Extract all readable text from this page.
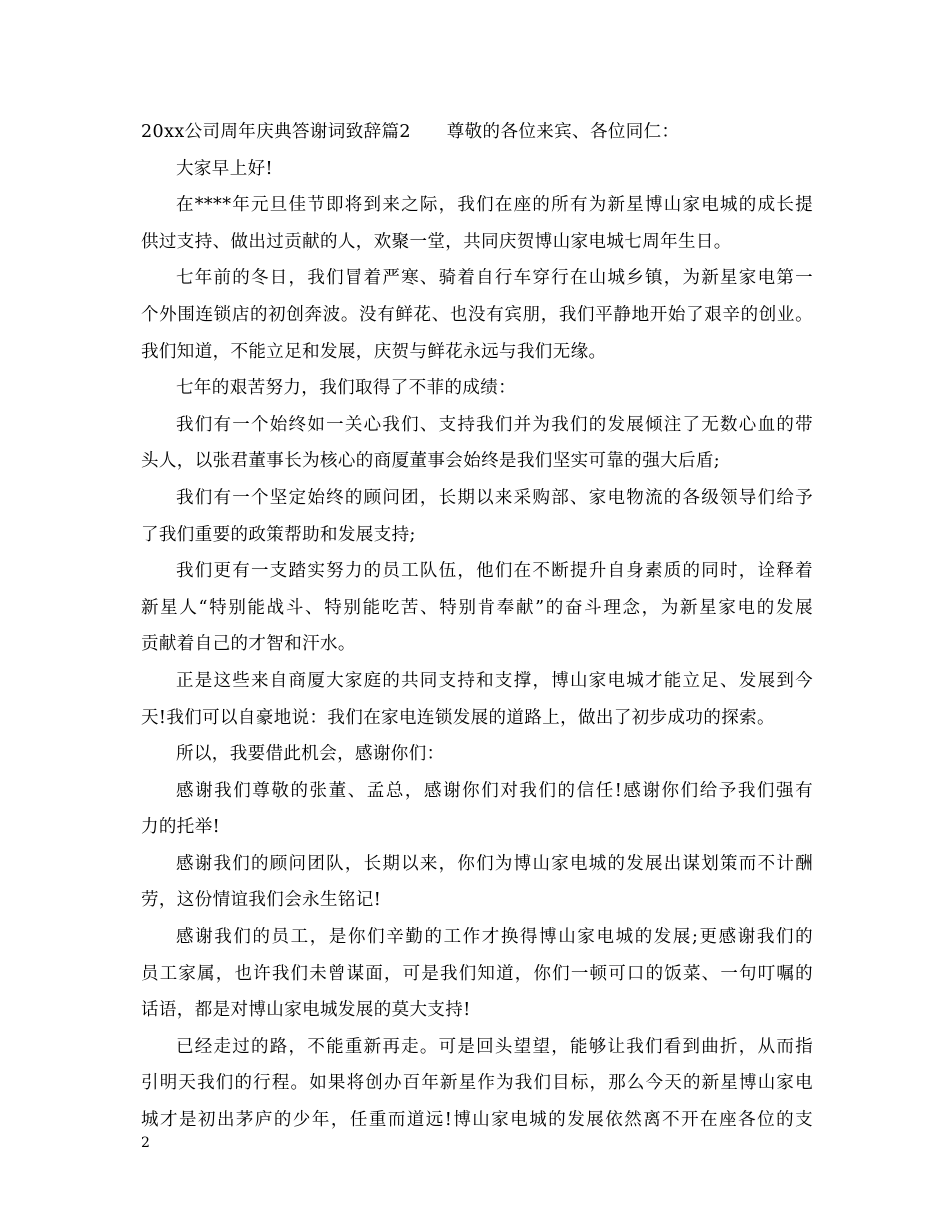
20xx公司周年庆典答谢词致辞篇2　　尊敬的各位来宾、各位同仁：
大家早上好!
在****年元旦佳节即将到来之际，我们在座的所有为新星博山家电城的成长提
供过支持、做出过贡献的人，欢聚一堂，共同庆贺博山家电城七周年生日。
七年前的冬日，我们冒着严寒、骑着自行车穿行在山城乡镇，为新星家电第一
个外围连锁店的初创奔波。没有鲜花、也没有宾朋，我们平静地开始了艰辛的创业。
我们知道，不能立足和发展，庆贺与鲜花永远与我们无缘。
七年的艰苦努力，我们取得了不菲的成绩：
我们有一个始终如一关心我们、支持我们并为我们的发展倾注了无数心血的带
头人，以张君董事长为核心的商厦董事会始终是我们坚实可靠的强大后盾;
我们有一个坚定始终的顾问团，长期以来采购部、家电物流的各级领导们给予
了我们重要的政策帮助和发展支持;
我们更有一支踏实努力的员工队伍，他们在不断提升自身素质的同时，诠释着
新星人“特别能战斗、特别能吃苦、特别肯奉献”的奋斗理念，为新星家电的发展
贡献着自己的才智和汗水。
正是这些来自商厦大家庭的共同支持和支撑，博山家电城才能立足、发展到今
天!我们可以自豪地说：我们在家电连锁发展的道路上，做出了初步成功的探索。
所以，我要借此机会，感谢你们：
感谢我们尊敬的张董、孟总，感谢你们对我们的信任!感谢你们给予我们强有
力的托举!
感谢我们的顾问团队，长期以来，你们为博山家电城的发展出谋划策而不计酬
劳，这份情谊我们会永生铭记!
感谢我们的员工，是你们辛勤的工作才换得博山家电城的发展;更感谢我们的
员工家属，也许我们未曾谋面，可是我们知道，你们一顿可口的饭菜、一句叮嘱的
话语，都是对博山家电城发展的莫大支持!
已经走过的路，不能重新再走。可是回头望望，能够让我们看到曲折，从而指
引明天我们的行程。如果将创办百年新星作为我们目标，那么今天的新星博山家电
城才是初出茅庐的少年，任重而道远!博山家电城的发展依然离不开在座各位的支
2
